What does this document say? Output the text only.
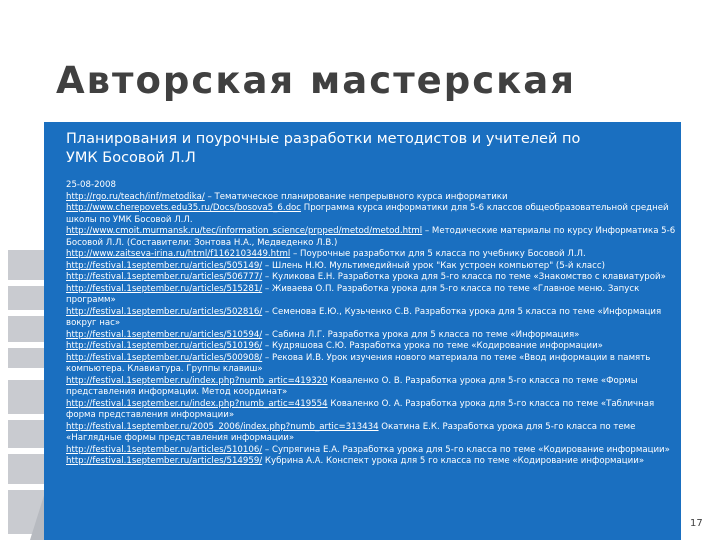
Авторская мастерская
Планирования и поурочные разработки методистов и учителей по
УМК Босовой Л.Л
25-08-2008
http://rgo.ru/teach/inf/metodika/ – Тематическое планирование непрерывного курса информатики
http://www.cherepovets.edu35.ru/Docs/bosova5_6.doc Программа курса информатики для 5-6 классов общеобразовательной средней школы по УМК Босовой Л.Л.
http://www.cmoit.murmansk.ru/tec/information_science/prpped/metod/metod.html – Методические материалы по курсу Информатика 5-6 Босовой Л.Л. (Составители: Зонтова Н.А., Медведенко Л.В.)
http://www.zaitseva-irina.ru/html/f1162103449.html – Поурочные разработки для 5 класса по учебнику Босовой Л.Л.
http://festival.1september.ru/articles/505149/ – Шлень Н.Ю. Мультимедийный урок "Как устроен компьютер" (5-й класс)
http://festival.1september.ru/articles/506777/ – Куликова Е.Н. Разработка урока для 5-го класса по теме «Знакомство с клавиатурой»
http://festival.1september.ru/articles/515281/ – Живаева О.П. Разработка урока для 5-го класса по теме «Главное меню. Запуск программ»
http://festival.1september.ru/articles/502816/ – Семенова Е.Ю., Кузьченко С.В. Разработка урока для 5 класса по теме «Информация вокруг нас»
http://festival.1september.ru/articles/510594/ – Сабина Л.Г. Разработка урока для 5 класса по теме «Информация»
http://festival.1september.ru/articles/510196/ – Кудряшова С.Ю. Разработка урока по теме «Кодирование информации»
http://festival.1september.ru/articles/500908/ – Рекова И.В. Урок изучения нового материала по теме «Ввод информации в память компьютера. Клавиатура. Группы клавиш»
http://festival.1september.ru/index.php?numb_artic=419320 Коваленко О. В. Разработка урока для 5-го класса по теме «Формы представления информации. Метод координат»
http://festival.1september.ru/index.php?numb_artic=419554 Коваленко О. А. Разработка урока для 5-го класса по теме «Табличная форма представления информации»
http://festival.1september.ru/2005_2006/index.php?numb_artic=313434 Окатина Е.К. Разработка урока для 5-го класса по теме «Наглядные формы представления информации»
http://festival.1september.ru/articles/510106/ – Супрягина Е.А. Разработка урока для 5-го класса по теме «Кодирование информации»
http://festival.1september.ru/articles/514959/ Кубрина А.А. Конспект урока для 5 го класса по теме «Кодирование информации»
17
